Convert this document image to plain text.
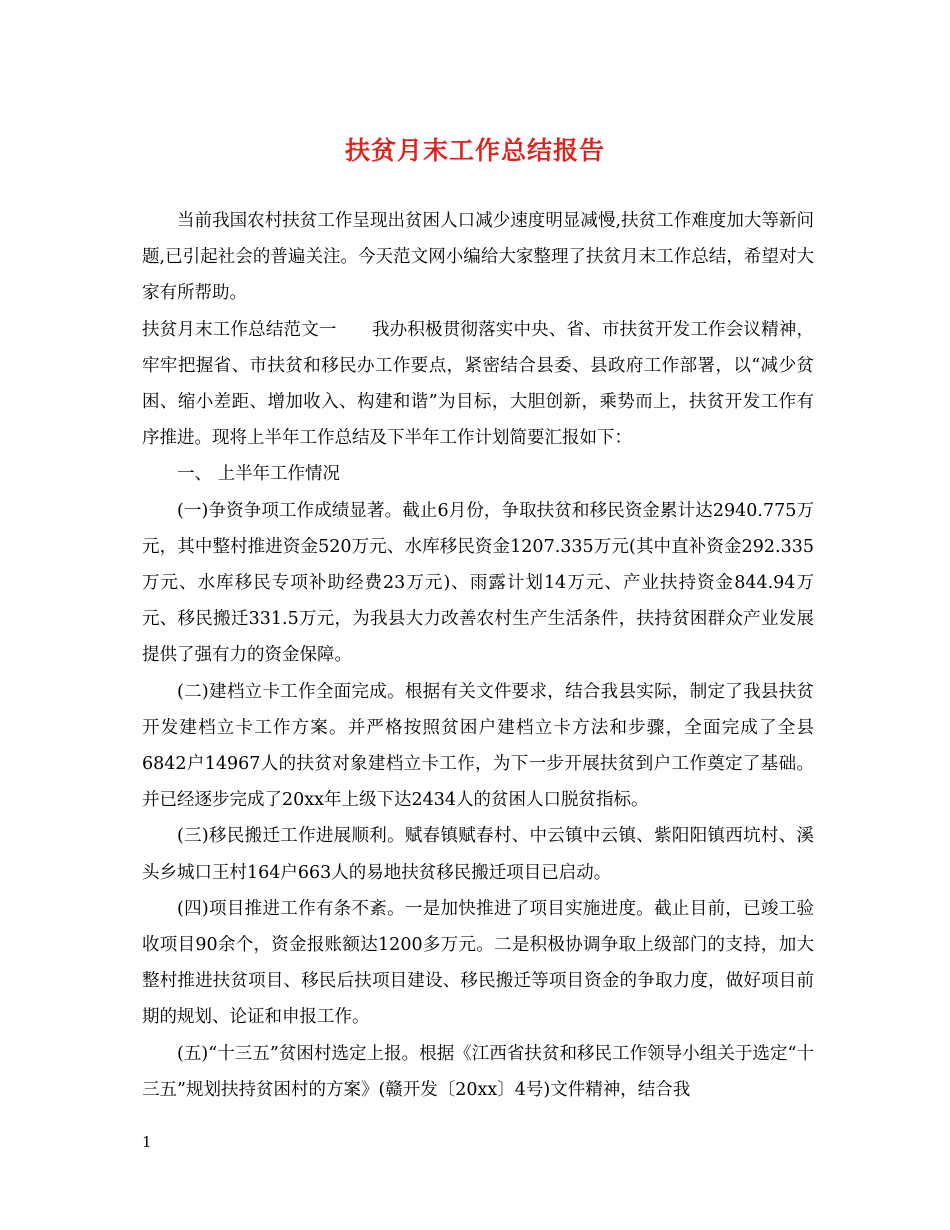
扶贫月末工作总结报告

当前我国农村扶贫工作呈现出贫困人口减少速度明显减慢,扶贫工作难度加大等新问题,已引起社会的普遍关注。今天范文网小编给大家整理了扶贫月末工作总结，希望对大家有所帮助。

扶贫月末工作总结范文一　　我办积极贯彻落实中央、省、市扶贫开发工作会议精神，牢牢把握省、市扶贫和移民办工作要点，紧密结合县委、县政府工作部署，以“减少贫困、缩小差距、增加收入、构建和谐”为目标，大胆创新，乘势而上，扶贫开发工作有序推进。现将上半年工作总结及下半年工作计划简要汇报如下：

一、 上半年工作情况

(一)争资争项工作成绩显著。截止6月份，争取扶贫和移民资金累计达2940.775万元，其中整村推进资金520万元、水库移民资金1207.335万元(其中直补资金292.335万元、水库移民专项补助经费23万元)、雨露计划14万元、产业扶持资金844.94万元、移民搬迁331.5万元，为我县大力改善农村生产生活条件，扶持贫困群众产业发展提供了强有力的资金保障。

(二)建档立卡工作全面完成。根据有关文件要求，结合我县实际，制定了我县扶贫开发建档立卡工作方案。并严格按照贫困户建档立卡方法和步骤，全面完成了全县6842户14967人的扶贫对象建档立卡工作，为下一步开展扶贫到户工作奠定了基础。并已经逐步完成了20xx年上级下达2434人的贫困人口脱贫指标。

(三)移民搬迁工作进展顺利。赋春镇赋春村、中云镇中云镇、紫阳阳镇西坑村、溪头乡城口王村164户663人的易地扶贫移民搬迁项目已启动。

(四)项目推进工作有条不紊。一是加快推进了项目实施进度。截止目前，已竣工验收项目90余个，资金报账额达1200多万元。二是积极协调争取上级部门的支持，加大整村推进扶贫项目、移民后扶项目建设、移民搬迁等项目资金的争取力度，做好项目前期的规划、论证和申报工作。

(五)“十三五”贫困村选定上报。根据《江西省扶贫和移民工作领导小组关于选定“十三五”规划扶持贫困村的方案》(赣开发〔20xx〕4号)文件精神，结合我

1
